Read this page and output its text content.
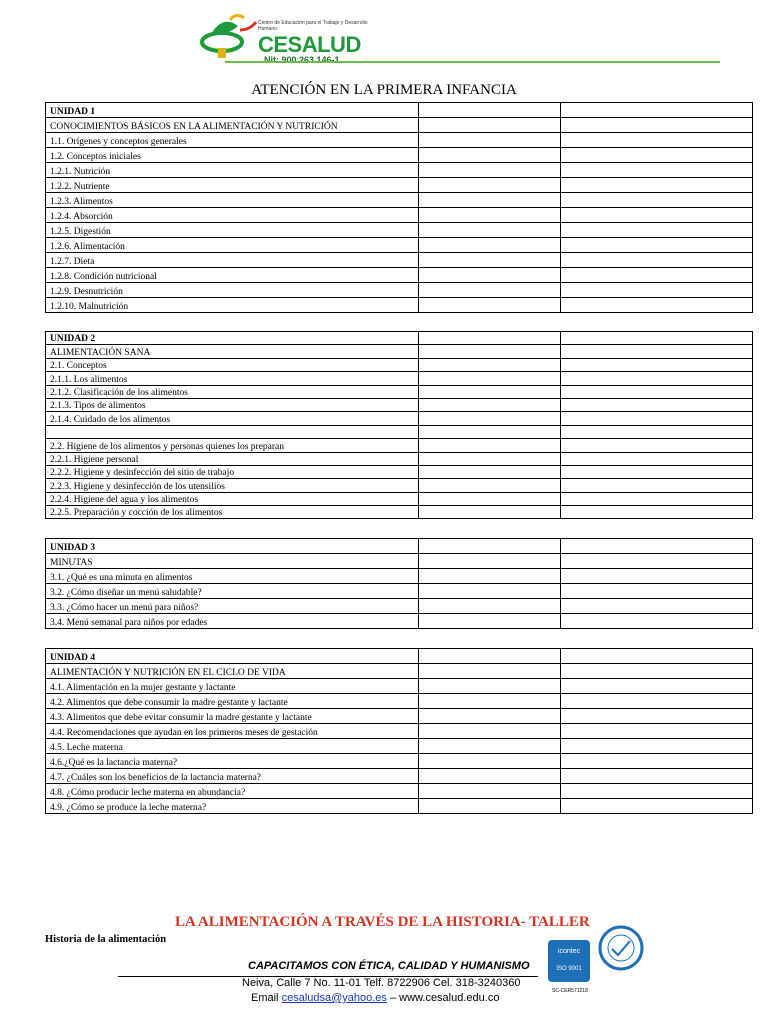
Centro de Educación para el Trabajo y Desarrollo Humano
CESALUD
Nit: 900.263.146-1
ATENCIÓN EN LA PRIMERA INFANCIA
UNIDAD 1		
CONOCIMIENTOS BÁSICOS EN LA ALIMENTACIÓN Y NUTRICIÓN		
1.1. Orígenes y conceptos generales		
1.2. Conceptos iniciales		
1.2.1. Nutrición		
1.2.2. Nutriente		
1.2.3. Alimentos		
1.2.4. Absorción		
1.2.5. Digestión		
1.2.6. Alimentación		
1.2.7. Dieta		
1.2.8. Condición nutricional		
1.2.9. Desnutrición		
1.2.10. Malnutrición		
UNIDAD 2		
ALIMENTACIÓN SANA		
2.1. Conceptos		
2.1.1. Los alimentos		
2.1.2. Clasificación de los alimentos		
2.1.3. Tipos de alimentos		
2.1.4. Cuidado de los alimentos		

2.2. Higiene de los alimentos y personas quienes los preparan		
2.2.1. Higiene personal		
2.2.2. Higiene y desinfección del sitio de trabajo		
2.2.3. Higiene y desinfección de los utensilios		
2.2.4. Higiene del agua y los alimentos		
2.2.5. Preparación y cocción de los alimentos		
UNIDAD 3		
MINUTAS		
3.1. ¿Qué es una minuta en alimentos		
3.2. ¿Cómo diseñar un menú saludable?		
3.3. ¿Cómo hacer un menú para niños?		
3.4. Menú semanal para niños por edades		
UNIDAD 4		
ALIMENTACIÓN Y NUTRICIÓN EN EL CICLO DE VIDA		
4.1. Alimentación en la mujer gestante y lactante		
4.2. Alimentos que debe consumir la madre gestante y lactante		
4.3. Alimentos que debe evitar consumir la madre gestante y lactante		
4.4. Recomendaciones que ayudan en los primeros meses de gestación		
4.5. Leche materna		
4.6.¿Qué es la lactancia materna?		
4.7. ¿Cuáles son los beneficios de la lactancia materna?		
4.8. ¿Cómo producir leche materna en abundancia?		
4.9. ¿Cómo se produce la leche materna?		
LA ALIMENTACIÓN A TRAVÉS DE LA HISTORIA- TALLER
Historia de la alimentación
CAPACITAMOS CON ÉTICA, CALIDAD Y HUMANISMO
Neiva, Calle 7 No. 11-01 Telf. 8722906 Cel. 318-3240360
Email cesaludsa@yahoo.es – www.cesalud.edu.co
icontec
ISO 9001
SC-CER571218
